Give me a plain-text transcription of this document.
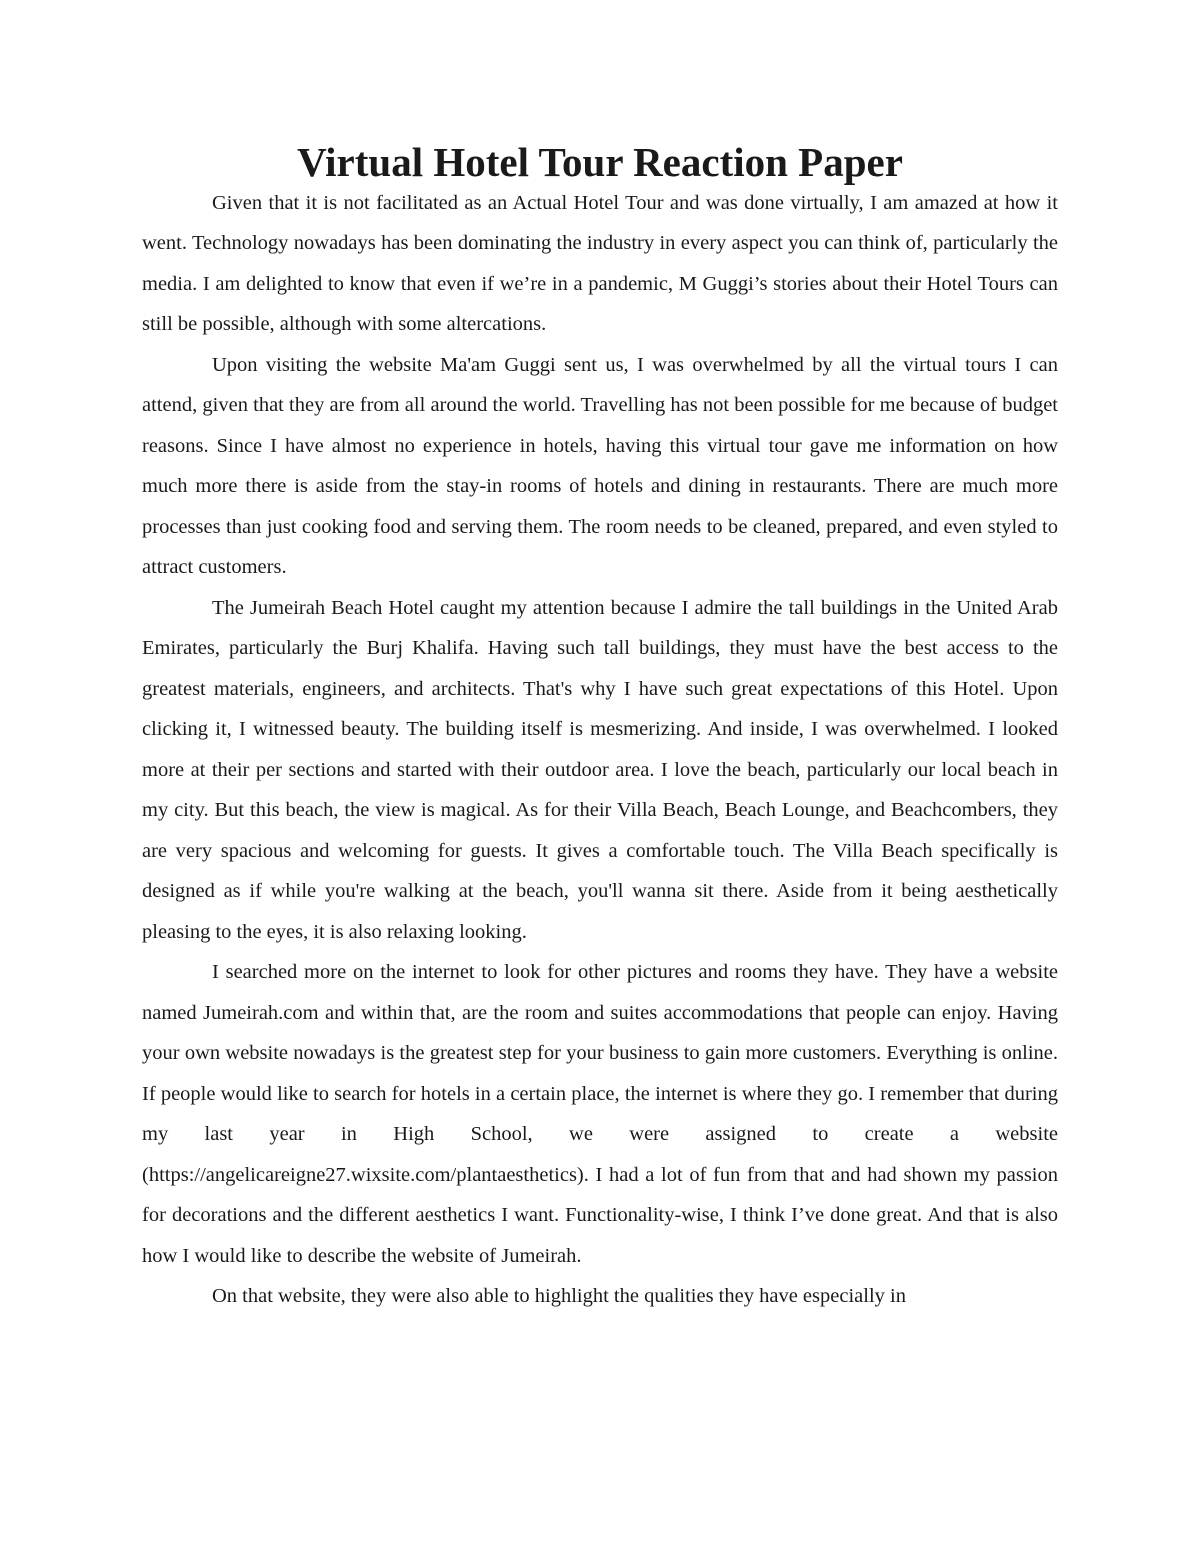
Virtual Hotel Tour Reaction Paper

Given that it is not facilitated as an Actual Hotel Tour and was done virtually, I am amazed at how it went. Technology nowadays has been dominating the industry in every aspect you can think of, particularly the media. I am delighted to know that even if we’re in a pandemic, M Guggi’s stories about their Hotel Tours can still be possible, although with some altercations.

Upon visiting the website Ma'am Guggi sent us, I was overwhelmed by all the virtual tours I can attend, given that they are from all around the world. Travelling has not been possible for me because of budget reasons. Since I have almost no experience in hotels, having this virtual tour gave me information on how much more there is aside from the stay-in rooms of hotels and dining in restaurants. There are much more processes than just cooking food and serving them. The room needs to be cleaned, prepared, and even styled to attract customers.

The Jumeirah Beach Hotel caught my attention because I admire the tall buildings in the United Arab Emirates, particularly the Burj Khalifa. Having such tall buildings, they must have the best access to the greatest materials, engineers, and architects. That's why I have such great expectations of this Hotel. Upon clicking it, I witnessed beauty. The building itself is mesmerizing. And inside, I was overwhelmed. I looked more at their per sections and started with their outdoor area. I love the beach, particularly our local beach in my city. But this beach, the view is magical. As for their Villa Beach, Beach Lounge, and Beachcombers, they are very spacious and welcoming for guests. It gives a comfortable touch. The Villa Beach specifically is designed as if while you're walking at the beach, you'll wanna sit there. Aside from it being aesthetically pleasing to the eyes, it is also relaxing looking.

I searched more on the internet to look for other pictures and rooms they have. They have a website named Jumeirah.com and within that, are the room and suites accommodations that people can enjoy. Having your own website nowadays is the greatest step for your business to gain more customers. Everything is online. If people would like to search for hotels in a certain place, the internet is where they go. I remember that during my last year in High School, we were assigned to create a website (https://angelicareigne27.wixsite.com/plantaesthetics). I had a lot of fun from that and had shown my passion for decorations and the different aesthetics I want. Functionality-wise, I think I’ve done great. And that is also how I would like to describe the website of Jumeirah.

On that website, they were also able to highlight the qualities they have especially in
